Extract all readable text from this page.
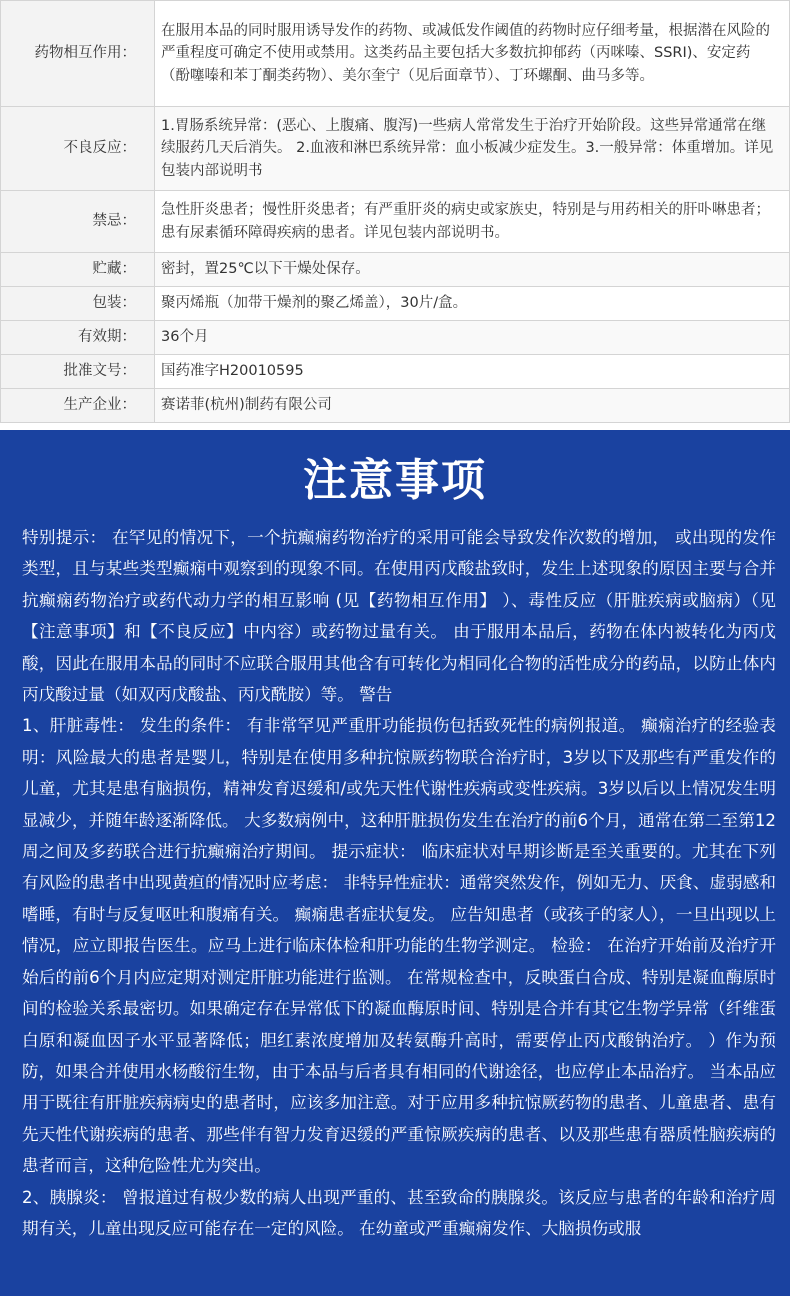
药物相互作用：	在服用本品的同时服用诱导发作的药物、或减低发作阈值的药物时应仔细考量，根据潜在风险的严重程度可确定不使用或禁用。这类药品主要包括大多数抗抑郁药（丙咪嗪、SSRI)、安定药（酚噻嗪和苯丁酮类药物）、美尔奎宁（见后面章节）、丁环螺酮、曲马多等。
不良反应：	1.胃肠系统异常：(恶心、上腹痛、腹泻)一些病人常常发生于治疗开始阶段。这些异常通常在继续服药几天后消失。 2.血液和淋巴系统异常：血小板减少症发生。3.一般异常：体重增加。详见包装内部说明书
禁忌：	急性肝炎患者；慢性肝炎患者；有严重肝炎的病史或家族史，特别是与用药相关的肝卟啉患者；患有尿素循环障碍疾病的患者。详见包装内部说明书。
贮藏：	密封，置25℃以下干燥处保存。
包装：	聚丙烯瓶（加带干燥剂的聚乙烯盖），30片/盒。
有效期：	36个月
批准文号：	国药准字H20010595
生产企业：	赛诺菲(杭州)制药有限公司
注意事项

特别提示： 在罕见的情况下，一个抗癫痫药物治疗的采用可能会导致发作次数的增加， 或出现的发作类型，且与某些类型癫痫中观察到的现象不同。在使用丙戊酸盐致时，发生上述现象的原因主要与合并抗癫痫药物治疗或药代动力学的相互影响 (见【药物相互作用】 ）、毒性反应（肝脏疾病或脑病）（见【注意事项】和【不良反应】中内容）或药物过量有关。 由于服用本品后，药物在体内被转化为丙戊酸，因此在服用本品的同时不应联合服用其他含有可转化为相同化合物的活性成分的药品，以防止体内丙戊酸过量（如双丙戊酸盐、丙戊酰胺）等。 警告

1、肝脏毒性： 发生的条件： 有非常罕见严重肝功能损伤包括致死性的病例报道。 癫痫治疗的经验表明：风险最大的患者是婴儿，特别是在使用多种抗惊厥药物联合治疗时，3岁以下及那些有严重发作的儿童，尤其是患有脑损伤，精神发育迟缓和/或先天性代谢性疾病或变性疾病。3岁以后以上情况发生明显减少，并随年龄逐渐降低。 大多数病例中，这种肝脏损伤发生在治疗的前6个月，通常在第二至第12周之间及多药联合进行抗癫痫治疗期间。 提示症状： 临床症状对早期诊断是至关重要的。尤其在下列有风险的患者中出现黄疸的情况时应考虑： 非特异性症状：通常突然发作，例如无力、厌食、虚弱感和嗜睡，有时与反复呕吐和腹痛有关。 癫痫患者症状复发。 应告知患者（或孩子的家人），一旦出现以上情况，应立即报告医生。应马上进行临床体检和肝功能的生物学测定。 检验： 在治疗开始前及治疗开始后的前6个月内应定期对测定肝脏功能进行监测。 在常规检查中，反映蛋白合成、特别是凝血酶原时间的检验关系最密切。如果确定存在异常低下的凝血酶原时间、特别是合并有其它生物学异常（纤维蛋白原和凝血因子水平显著降低；胆红素浓度增加及转氨酶升高时，需要停止丙戊酸钠治疗。 ）作为预防，如果合并使用水杨酸衍生物，由于本品与后者具有相同的代谢途径，也应停止本品治疗。 当本品应用于既往有肝脏疾病病史的患者时，应该多加注意。对于应用多种抗惊厥药物的患者、儿童患者、患有先天性代谢疾病的患者、那些伴有智力发育迟缓的严重惊厥疾病的患者、以及那些患有器质性脑疾病的患者而言，这种危险性尤为突出。

2、胰腺炎： 曾报道过有极少数的病人出现严重的、甚至致命的胰腺炎。该反应与患者的年龄和治疗周期有关，儿童出现反应可能存在一定的风险。 在幼童或严重癫痫发作、大脑损伤或服
